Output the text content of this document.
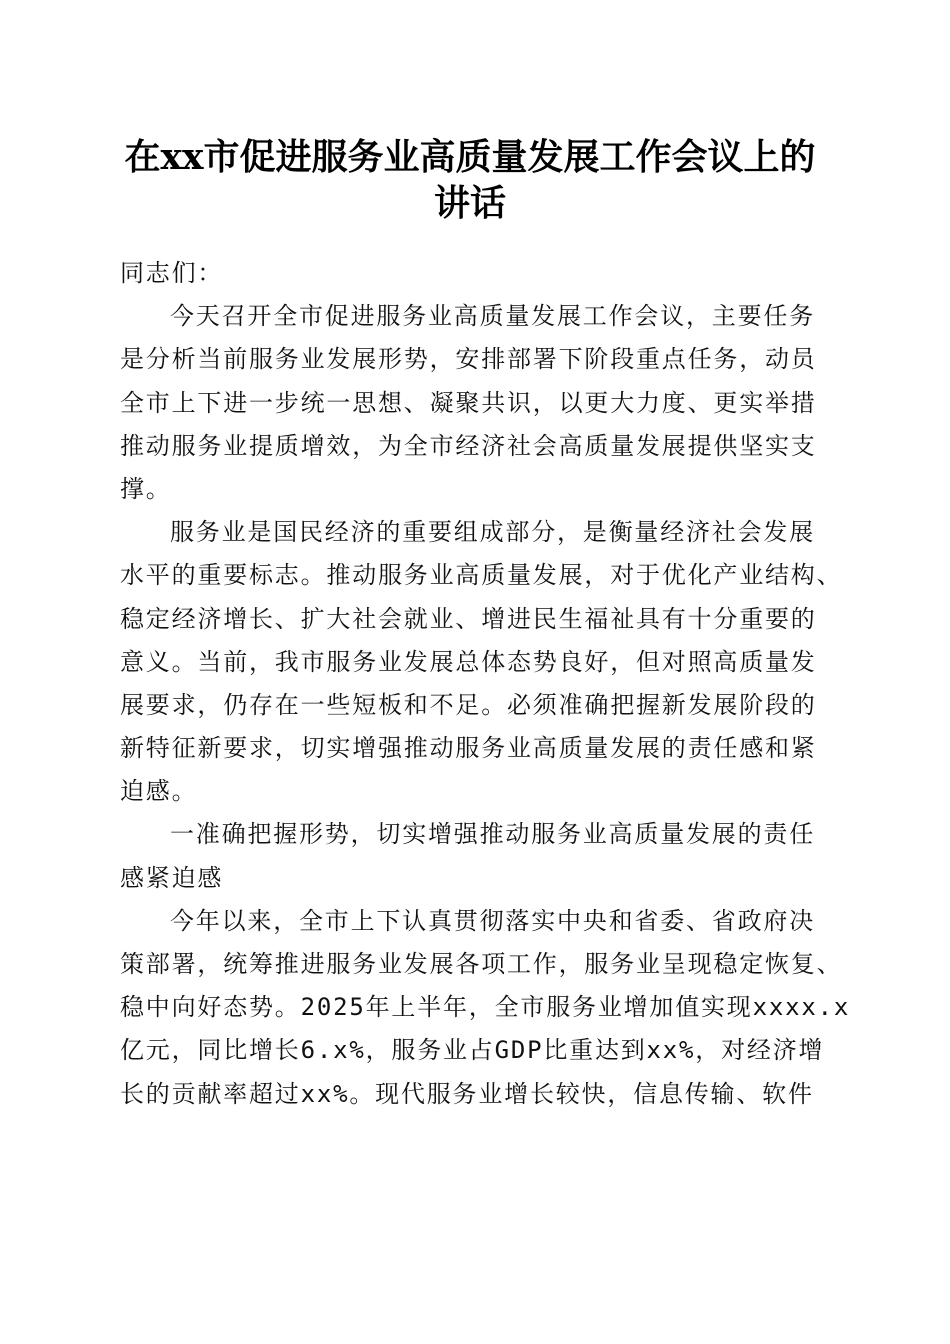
在xx市促进服务业高质量发展工作会议上的
讲话
同志们：
今天召开全市促进服务业高质量发展工作会议，主要任务
是分析当前服务业发展形势，安排部署下阶段重点任务，动员
全市上下进一步统一思想、凝聚共识，以更大力度、更实举措
推动服务业提质增效，为全市经济社会高质量发展提供坚实支
撑。
服务业是国民经济的重要组成部分，是衡量经济社会发展
水平的重要标志。推动服务业高质量发展，对于优化产业结构、
稳定经济增长、扩大社会就业、增进民生福祉具有十分重要的
意义。当前，我市服务业发展总体态势良好，但对照高质量发
展要求，仍存在一些短板和不足。必须准确把握新发展阶段的
新特征新要求，切实增强推动服务业高质量发展的责任感和紧
迫感。
一准确把握形势，切实增强推动服务业高质量发展的责任
感紧迫感
今年以来，全市上下认真贯彻落实中央和省委、省政府决
策部署，统筹推进服务业发展各项工作，服务业呈现稳定恢复、
稳中向好态势。2025年上半年，全市服务业增加值实现xxxx.x
亿元，同比增长6.x%，服务业占GDP比重达到xx%，对经济增
长的贡献率超过xx%。现代服务业增长较快，信息传输、软件
